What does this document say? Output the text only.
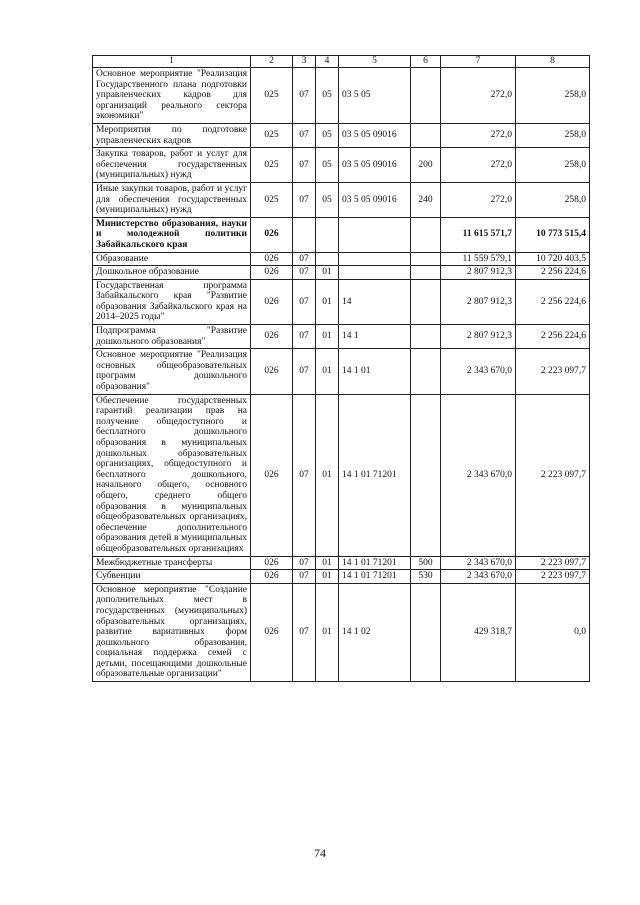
1	2	3	4	5	6	7	8
Основное мероприятие "Реализация Государственного плана подготовки управленческих кадров для организаций реального сектора экономики"	025	07	05	03 5 05		272,0	258,0
Мероприятия по подготовке управленческих кадров	025	07	05	03 5 05 09016		272,0	258,0
Закупка товаров, работ и услуг для обеспечения государственных (муниципальных) нужд	025	07	05	03 5 05 09016	200	272,0	258,0
Иные закупки товаров, работ и услуг для обеспечения государственных (муниципальных) нужд	025	07	05	03 5 05 09016	240	272,0	258,0
Министерство образования, науки и молодежной политики Забайкальского края	026					11 615 571,7	10 773 515,4
Образование	026	07				11 559 579,1	10 720 403,5
Дошкольное образование	026	07	01			2 807 912,3	2 256 224,6
Государственная программа Забайкальского края "Развитие образования Забайкальского края на 2014–2025 годы"	026	07	01	14		2 807 912,3	2 256 224,6
Подпрограмма "Развитие дошкольного образования"	026	07	01	14 1		2 807 912,3	2 256 224,6
Основное мероприятие "Реализация основных общеобразовательных программ дошкольного образования"	026	07	01	14 1 01		2 343 670,0	2 223 097,7
Обеспечение государственных гарантий реализации прав на получение общедоступного и бесплатного дошкольного образования в муниципальных дошкольных образовательных организациях, общедоступного и бесплатного дошкольного, начального общего, основного общего, среднего общего образования в муниципальных общеобразовательных организациях, обеспечение дополнительного образования детей в муниципальных общеобразовательных организациях	026	07	01	14 1 01 71201		2 343 670,0	2 223 097,7
Межбюджетные трансферты	026	07	01	14 1 01 71201	500	2 343 670,0	2 223 097,7
Субвенции	026	07	01	14 1 01 71201	530	2 343 670,0	2 223 097,7
Основное мероприятие "Создание дополнительных мест в государственных (муниципальных) образовательных организациях, развитие вариативных форм дошкольного образования, социальная поддержка семей с детьми, посещающими дошкольные образовательные организации"	026	07	01	14 1 02		429 318,7	0,0
74
